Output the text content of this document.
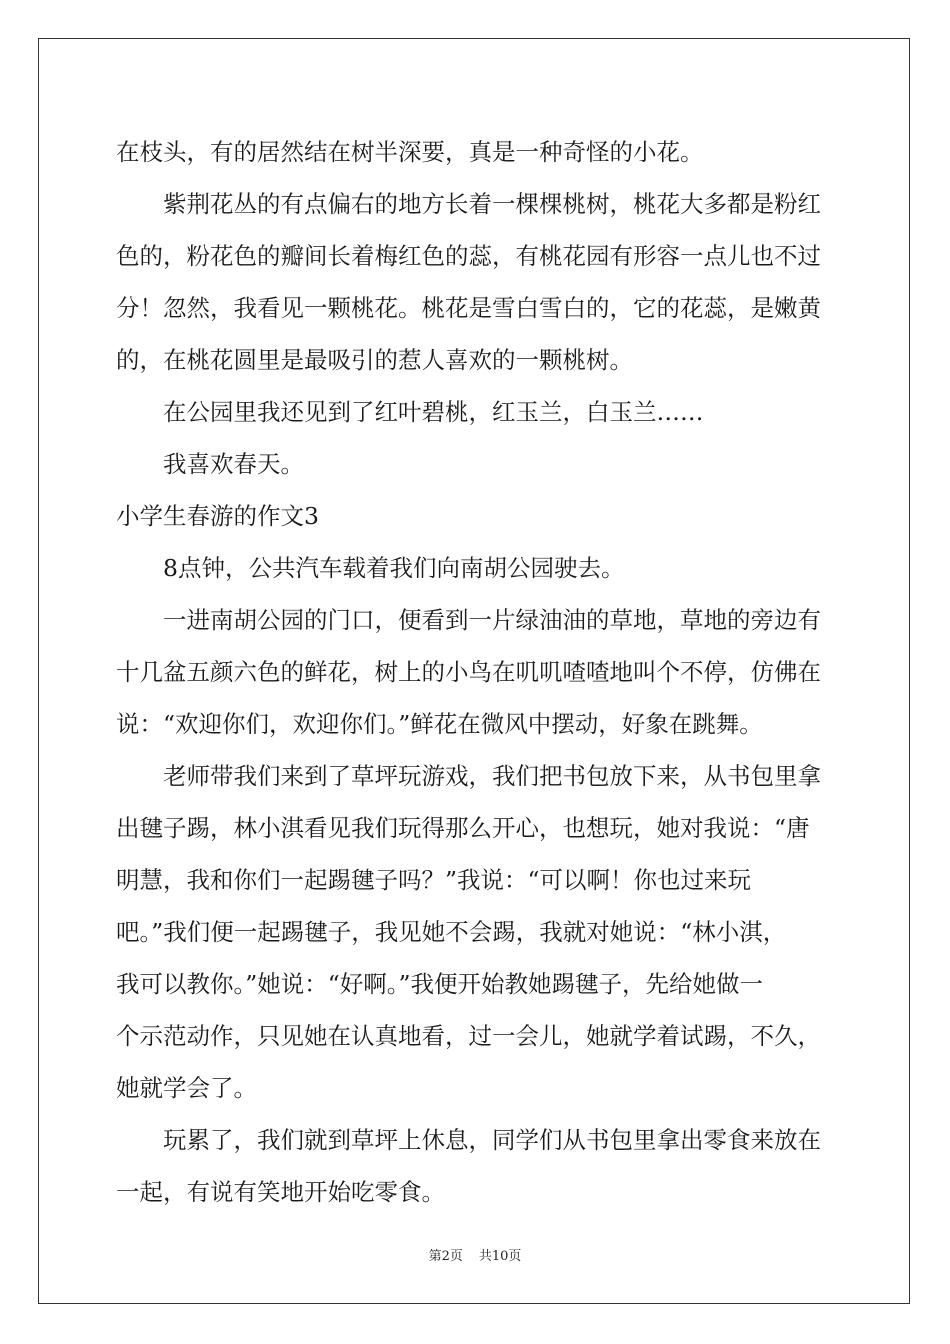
在枝头，有的居然结在树半深要，真是一种奇怪的小花。
紫荆花丛的有点偏右的地方长着一棵棵桃树，桃花大多都是粉红
色的，粉花色的瓣间长着梅红色的蕊，有桃花园有形容一点儿也不过
分！忽然，我看见一颗桃花。桃花是雪白雪白的，它的花蕊，是嫩黄
的，在桃花圆里是最吸引的惹人喜欢的一颗桃树。
在公园里我还见到了红叶碧桃，红玉兰，白玉兰……
我喜欢春天。
小学生春游的作文3
8点钟，公共汽车载着我们向南胡公园驶去。
一进南胡公园的门口，便看到一片绿油油的草地，草地的旁边有
十几盆五颜六色的鲜花，树上的小鸟在叽叽喳喳地叫个不停，仿佛在
说：“欢迎你们，欢迎你们。”鲜花在微风中摆动，好象在跳舞。
老师带我们来到了草坪玩游戏，我们把书包放下来，从书包里拿
出毽子踢，林小淇看见我们玩得那么开心，也想玩，她对我说：“唐
明慧，我和你们一起踢毽子吗？”我说：“可以啊！你也过来玩
吧。”我们便一起踢毽子，我见她不会踢，我就对她说：“林小淇，
我可以教你。”她说：“好啊。”我便开始教她踢毽子，先给她做一
个示范动作，只见她在认真地看，过一会儿，她就学着试踢，不久，
她就学会了。
玩累了，我们就到草坪上休息，同学们从书包里拿出零食来放在
一起，有说有笑地开始吃零食。
第2页 共10页
